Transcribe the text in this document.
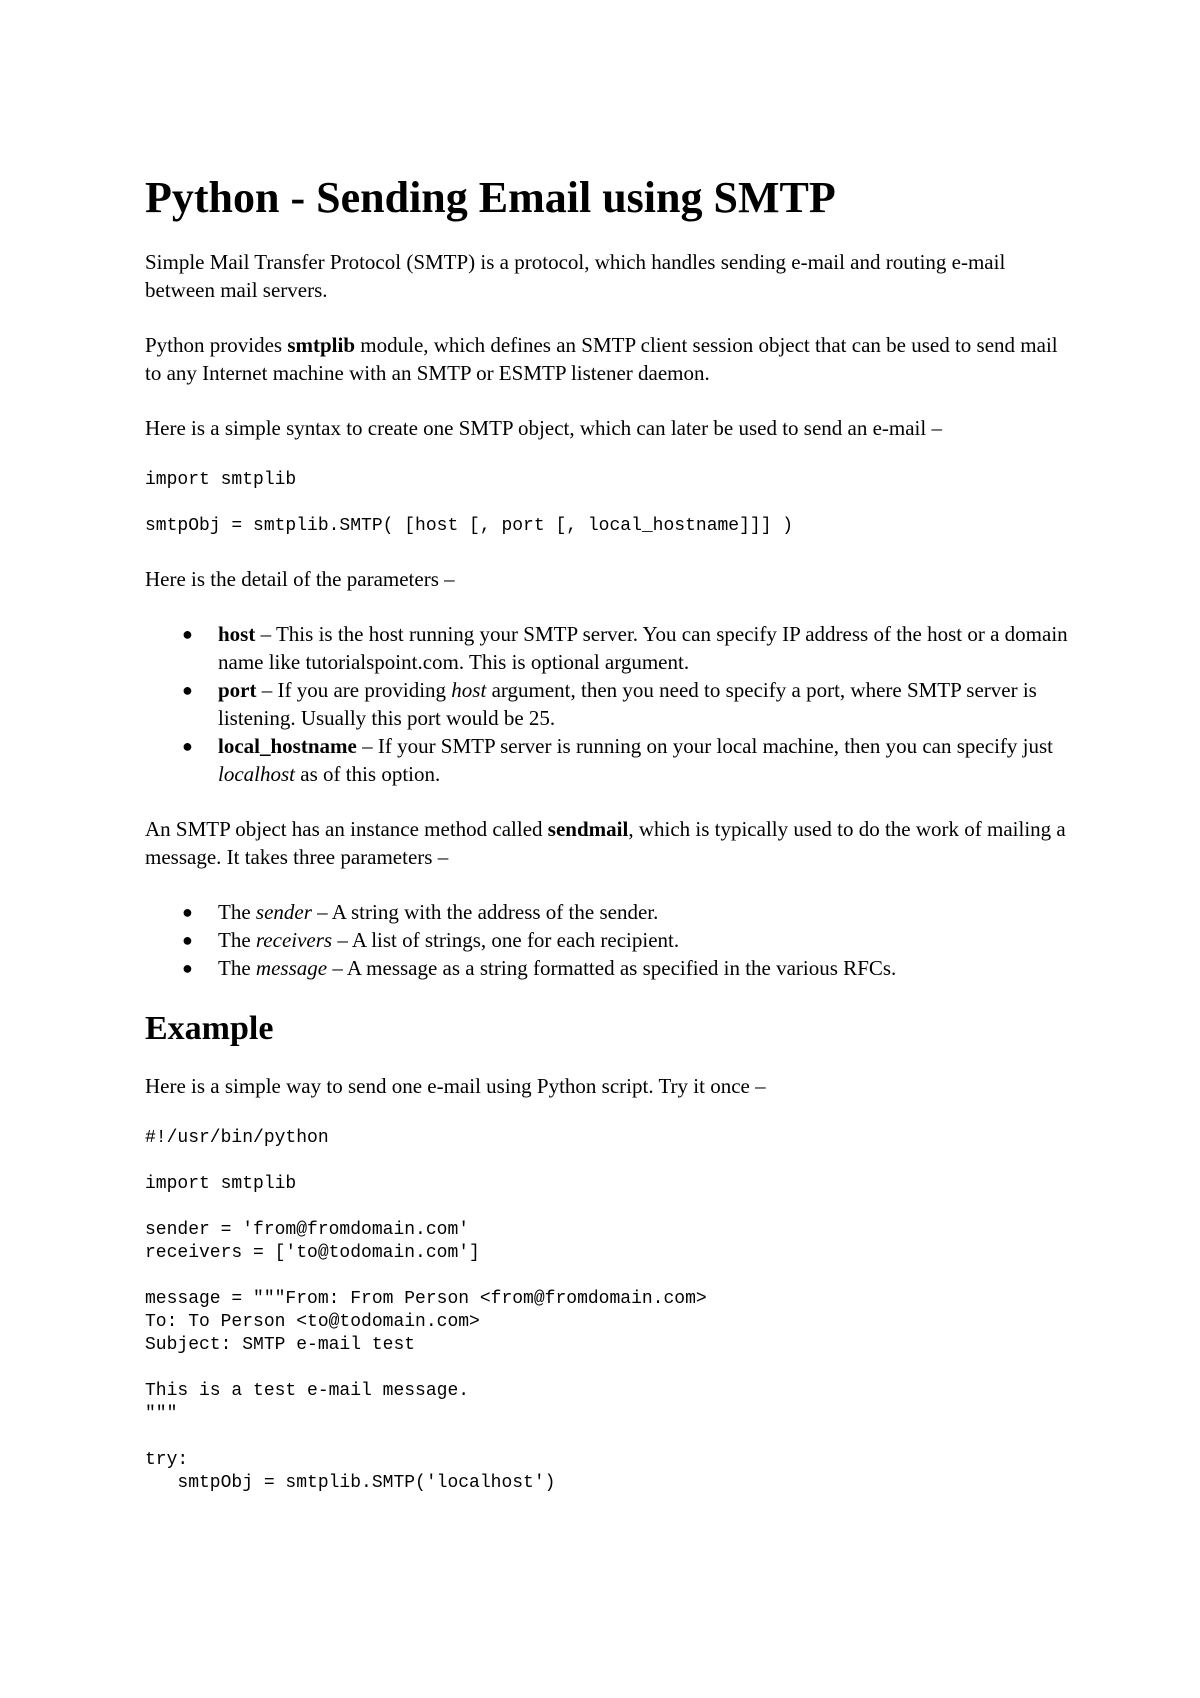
Python - Sending Email using SMTP

Simple Mail Transfer Protocol (SMTP) is a protocol, which handles sending e-mail and routing e-mail between mail servers.

Python provides smtplib module, which defines an SMTP client session object that can be used to send mail to any Internet machine with an SMTP or ESMTP listener daemon.

Here is a simple syntax to create one SMTP object, which can later be used to send an e-mail –

import smtplib
smtpObj = smtplib.SMTP( [host [, port [, local_hostname]]] )

Here is the detail of the parameters –

● host – This is the host running your SMTP server. You can specify IP address of the host or a domain name like tutorialspoint.com. This is optional argument.
● port – If you are providing host argument, then you need to specify a port, where SMTP server is listening. Usually this port would be 25.
● local_hostname – If your SMTP server is running on your local machine, then you can specify just localhost as of this option.

An SMTP object has an instance method called sendmail, which is typically used to do the work of mailing a message. It takes three parameters –

● The sender – A string with the address of the sender.
● The receivers – A list of strings, one for each recipient.
● The message – A message as a string formatted as specified in the various RFCs.
Example

Here is a simple way to send one e-mail using Python script. Try it once –

#!/usr/bin/python
import smtplib
sender = 'from@fromdomain.com'
receivers = ['to@todomain.com']
message = """From: From Person <from@fromdomain.com>
To: To Person <to@todomain.com>
Subject: SMTP e-mail test
This is a test e-mail message.
"""
try:
smtpObj = smtplib.SMTP('localhost')
